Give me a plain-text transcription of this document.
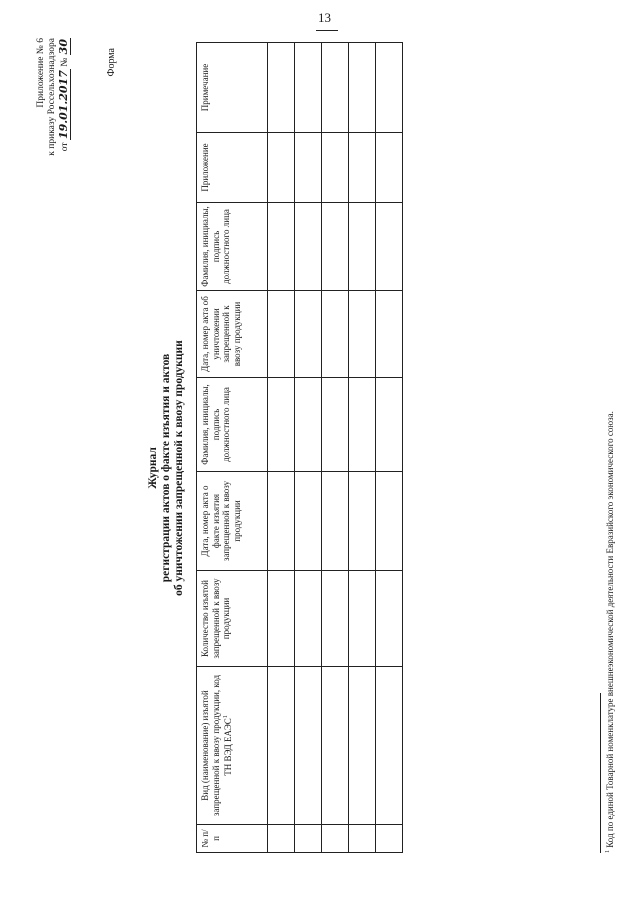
13
Приложение № 6 к приказу Россельхознадзора от 19.01.2017 № 30
Форма
Журнал регистрации актов о факте изъятия и актов об уничтожении запрещенной к ввозу продукции
№ п/п	Вид (наименование) изъятой запрещенной к ввозу продукции, код ТН ВЭД ЕАЭС$^1$	Количество изъятой запрещенной к ввозу продукции	Дата, номер акта о факте изъятия запрещенной к ввозу продукции	Фамилия, инициалы, подпись должностного лица	Дата, номер акта об уничтожении запрещенной к ввозу продукции	Фамилия, инициалы, подпись должностного лица	Приложение	Примечание

$^1$ Код по единой Товарной номенклатуре внешнеэкономической деятельности Евразийского экономического союза.
